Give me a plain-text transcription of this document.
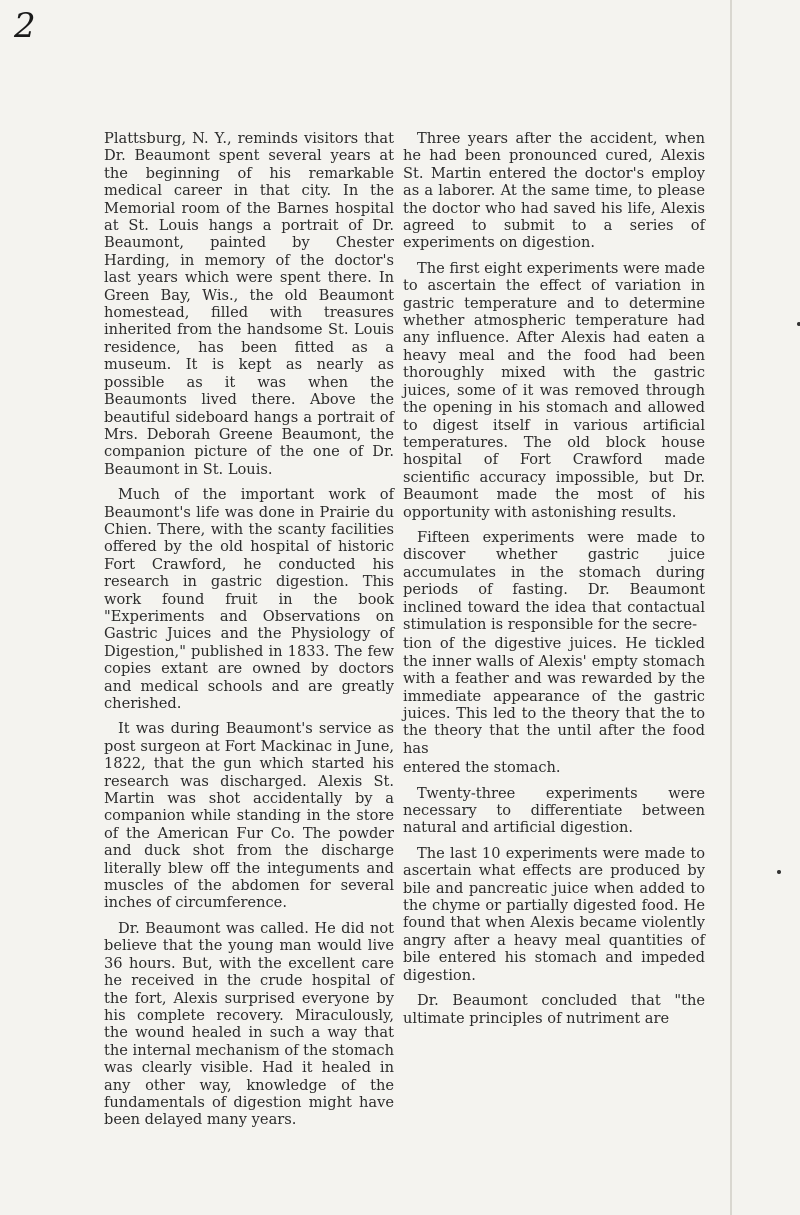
2

Plattsburg, N. Y., reminds visitors that Dr. Beaumont spent several years at the beginning of his remarkable medical career in that city. In the Memorial room of the Barnes hospital at St. Louis hangs a portrait of Dr. Beaumont, painted by Chester Harding, in memory of the doctor's last years which were spent there. In Green Bay, Wis., the old Beaumont homestead, filled with treasures inherited from the handsome St. Louis residence, has been fitted as a museum. It is kept as nearly as possible as it was when the Beaumonts lived there. Above the beautiful sideboard hangs a portrait of Mrs. Deborah Greene Beaumont, the companion picture of the one of Dr. Beaumont in St. Louis.

Much of the important work of Beaumont's life was done in Prairie du Chien. There, with the scanty facilities offered by the old hospital of historic Fort Crawford, he conducted his research in gastric digestion. This work found fruit in the book "Experiments and Observations on Gastric Juices and the Physiology of Digestion," published in 1833. The few copies extant are owned by doctors and medical schools and are greatly cherished.

It was during Beaumont's service as post surgeon at Fort Mackinac in June, 1822, that the gun which started his research was discharged. Alexis St. Martin was shot accidentally by a companion while standing in the store of the American Fur Co. The powder and duck shot from the discharge literally blew off the integuments and muscles of the abdomen for several inches of circumference.

Dr. Beaumont was called. He did not believe that the young man would live 36 hours. But, with the excellent care he received in the crude hospital of the fort, Alexis surprised everyone by his complete recovery. Miraculously, the wound healed in such a way that the internal mechanism of the stomach was clearly visible. Had it healed in any other way, knowledge of the fundamentals of digestion might have been delayed many years.

Three years after the accident, when he had been pronounced cured, Alexis St. Martin entered the doctor's employ as a laborer. At the same time, to please the doctor who had saved his life, Alexis agreed to submit to a series of experiments on digestion.

The first eight experiments were made to ascertain the effect of variation in gastric temperature and to determine whether atmospheric temperature had any influence. After Alexis had eaten a heavy meal and the food had been thoroughly mixed with the gastric juices, some of it was removed through the opening in his stomach and allowed to digest itself in various artificial temperatures. The old block house hospital of Fort Crawford made scientific accuracy impossible, but Dr. Beaumont made the most of his opportunity with astonishing results.

Fifteen experiments were made to discover whether gastric juice accumulates in the stomach during periods of fasting. Dr. Beaumont inclined toward the idea that contactual stimulation is responsible for the secre-

tion of the digestive juices. He tickled the inner walls of Alexis' empty stomach with a feather and was rewarded by the immediate appearance of the gastric juices. This led to the theory that the to the theory that the until after the food has

entered the stomach.

Twenty-three experiments were necessary to differentiate between natural and artificial digestion.

The last 10 experiments were made to ascertain what effects are produced by bile and pancreatic juice when added to the chyme or partially digested food. He found that when Alexis became violently angry after a heavy meal quantities of bile entered his stomach and impeded digestion.

Dr. Beaumont concluded that "the ultimate principles of nutriment are
